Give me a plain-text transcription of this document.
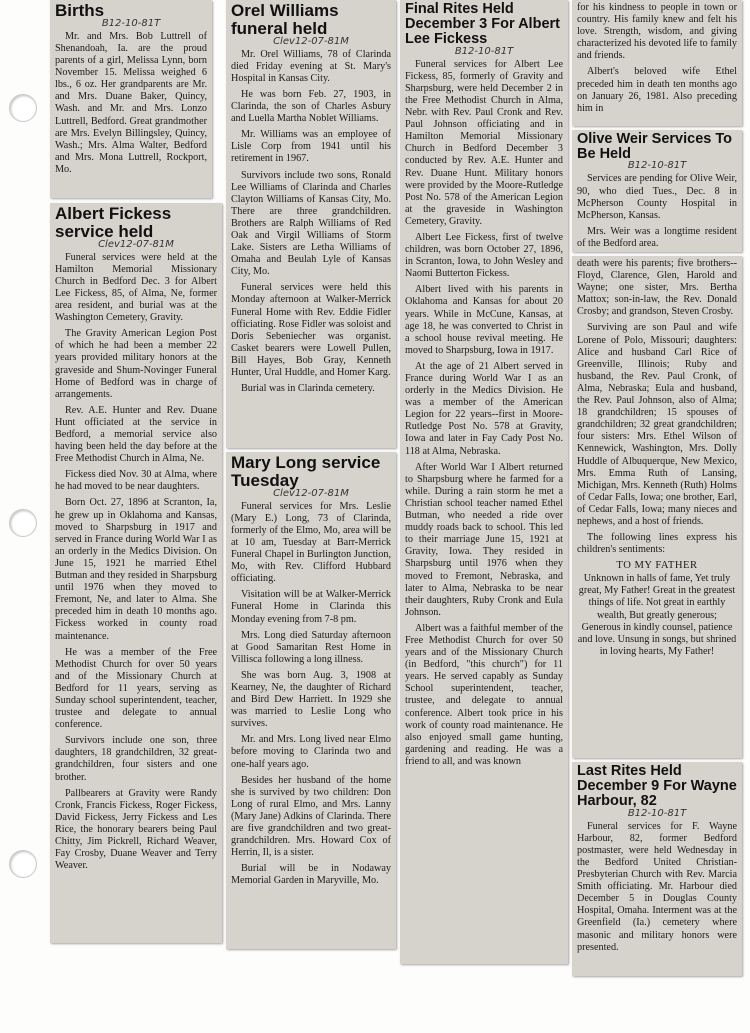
Births
B12-10-81T

Mr. and Mrs. Bob Luttrell of Shenandoah, Ia. are the proud parents of a girl, Melissa Lynn, born November 15. Melissa weighed 6 lbs., 6 oz. Her grandparents are Mr. and Mrs. Duane Baker, Quincy, Wash. and Mr. and Mrs. Lonzo Luttrell, Bedford. Great grandmother are Mrs. Evelyn Billingsley, Quincy, Wash.; Mrs. Alma Walter, Bedford and Mrs. Mona Luttrell, Rockport, Mo.

Albert Fickess service held
Clev12-07-81M

Funeral services were held at the Hamilton Memorial Missionary Church in Bedford Dec. 3 for Albert Lee Fickess, 85, of Alma, Ne, former area resident, and burial was at the Washington Cemetery, Gravity.

The Gravity American Legion Post of which he had been a member 22 years provided military honors at the graveside and Shum-Novinger Funeral Home of Bedford was in charge of arrangements.

Rev. A.E. Hunter and Rev. Duane Hunt officiated at the service in Bedford, a memorial service also having been held the day before at the Free Methodist Church in Alma, Ne.

Fickess died Nov. 30 at Alma, where he had moved to be near daughters.

Born Oct. 27, 1896 at Scranton, Ia, he grew up in Oklahoma and Kansas, moved to Sharpsburg in 1917 and served in France during World War I as an orderly in the Medics Division. On June 15, 1921 he married Ethel Butman and they resided in Sharpsburg until 1976 when they moved to Fremont, Ne, and later to Alma. She preceded him in death 10 months ago. Fickess worked in county road maintenance.

He was a member of the Free Methodist Church for over 50 years and of the Missionary Church at Bedford for 11 years, serving as Sunday school superintendent, teacher, trustee and delegate to annual conference.

Survivors include one son, three daughters, 18 grandchildren, 32 great-grandchildren, four sisters and one brother.

Pallbearers at Gravity were Randy Cronk, Francis Fickess, Roger Fickess, David Fickess, Jerry Fickess and Les Rice, the honorary bearers being Paul Chitty, Jim Pickrell, Richard Weaver, Fay Crosby, Duane Weaver and Terry Weaver.

Orel Williams funeral held
Clev12-07-81M

Mr. Orel Williams, 78 of Clarinda died Friday evening at St. Mary's Hospital in Kansas City.

He was born Feb. 27, 1903, in Clarinda, the son of Charles Asbury and Luella Martha Noblet Williams.

Mr. Williams was an employee of Lisle Corp from 1941 until his retirement in 1967.

Survivors include two sons, Ronald Lee Williams of Clarinda and Charles Clayton Williams of Kansas City, Mo. There are three grandchildren. Brothers are Ralph Williams of Red Oak and Virgil Williams of Storm Lake. Sisters are Letha Williams of Omaha and Beulah Lyle of Kansas City, Mo.

Funeral services were held this Monday afternoon at Walker-Merrick Funeral Home with Rev. Eddie Fidler officiating. Rose Fidler was soloist and Doris Sebeniecher was organist. Casket bearers were Lowell Pullen, Bill Hayes, Bob Gray, Kenneth Hunter, Ural Huddle, and Homer Karg.

Burial was in Clarinda cemetery.

Mary Long service Tuesday
Clev12-07-81M

Funeral services for Mrs. Leslie (Mary E.) Long, 73 of Clarinda, formerly of the Elmo, Mo, area will be at 10 am, Tuesday at Barr-Merrick Funeral Chapel in Burlington Junction, Mo, with Rev. Clifford Hubbard officiating.

Visitation will be at Walker-Merrick Funeral Home in Clarinda this Monday evening from 7-8 pm.

Mrs. Long died Saturday afternoon at Good Samaritan Rest Home in Villisca following a long illness.

She was born Aug. 3, 1908 at Kearney, Ne, the daughter of Richard and Bird Dew Harriett. In 1929 she was married to Leslie Long who survives.

Mr. and Mrs. Long lived near Elmo before moving to Clarinda two and one-half years ago.

Besides her husband of the home she is survived by two children: Don Long of rural Elmo, and Mrs. Lanny (Mary Jane) Adkins of Clarinda. There are five grandchildren and two great-grandchildren. Mrs. Howard Cox of Herrin, Il, is a sister.

Burial will be in Nodaway Memorial Garden in Maryville, Mo.

Final Rites Held December 3 For Albert Lee Fickess
B12-10-81T

Funeral services for Albert Lee Fickess, 85, formerly of Gravity and Sharpsburg, were held December 2 in the Free Methodist Church in Alma, Nebr. with Rev. Paul Cronk and Rev. Paul Johnson officiating and in Hamilton Memorial Missionary Church in Bedford December 3 conducted by Rev. A.E. Hunter and Rev. Duane Hunt. Military honors were provided by the Moore-Rutledge Post No. 578 of the American Legion at the graveside in Washington Cemetery, Gravity.

Albert Lee Fickess, first of twelve children, was born October 27, 1896, in Scranton, Iowa, to John Wesley and Naomi Butterton Fickess.

Albert lived with his parents in Oklahoma and Kansas for about 20 years. While in McCune, Kansas, at age 18, he was converted to Christ in a school house revival meeting. He moved to Sharpsburg, Iowa in 1917.

At the age of 21 Albert served in France during World War I as an orderly in the Medics Division. He was a member of the American Legion for 22 years--first in Moore-Rutledge Post No. 578 at Gravity, Iowa and later in Fay Cady Post No. 118 at Alma, Nebraska.

After World War I Albert returned to Sharpsburg where he farmed for a while. During a rain storm he met a Christian school teacher named Ethel Butman, who needed a ride over muddy roads back to school. This led to their marriage June 15, 1921 at Gravity, Iowa. They resided in Sharpsburg until 1976 when they moved to Fremont, Nebraska, and later to Alma, Nebraska to be near their daughters, Ruby Cronk and Eula Johnson.

Albert was a faithful member of the Free Methodist Church for over 50 years and of the Missionary Church (in Bedford, "this church") for 11 years. He served capably as Sunday School superintendent, teacher, trustee, and delegate to annual conference. Albert took price in his work of county road maintenance. He also enjoyed small game hunting, gardening and reading. He was a friend to all, and was known

for his kindness to people in town or country. His family knew and felt his love. Strength, wisdom, and giving characterized his devoted life to family and friends.

Albert's beloved wife Ethel preceded him in death ten months ago on January 26, 1981. Also preceding him in

Olive Weir Services To Be Held
B12-10-81T

Services are pending for Olive Weir, 90, who died Tues., Dec. 8 in McPherson County Hospital in McPherson, Kansas.

Mrs. Weir was a longtime resident of the Bedford area.

death were his parents; five brothers--Floyd, Clarence, Glen, Harold and Wayne; one sister, Mrs. Bertha Mattox; son-in-law, the Rev. Donald Crosby; and grandson, Steven Crosby.

Surviving are son Paul and wife Lorene of Polo, Missouri; daughters: Alice and husband Carl Rice of Greenville, Illinois; Ruby and husband, the Rev. Paul Cronk, of Alma, Nebraska; Eula and husband, the Rev. Paul Johnson, also of Alma; 18 grandchildren; 15 spouses of grandchildren; 32 great grandchildren; four sisters: Mrs. Ethel Wilson of Kennewick, Washington, Mrs. Dolly Huddle of Albuquerque, New Mexico, Mrs. Emma Ruth of Lansing, Michigan, Mrs. Kenneth (Ruth) Holms of Cedar Falls, Iowa; one brother, Earl, of Cedar Falls, Iowa; many nieces and nephews, and a host of friends.

The following lines express his children's sentiments:

TO MY FATHER
Unknown in halls of fame, Yet truly great, My Father! Great in the greatest things of life. Not great in earthly wealth, But greatly generous; Generous in kindly counsel, patience and love. Unsung in songs, but shrined in loving hearts, My Father!
Last Rites Held December 9 For Wayne Harbour, 82
B12-10-81T

Funeral services for F. Wayne Harbour, 82, former Bedford postmaster, were held Wednesday in the Bedford United Christian-Presbyterian Church with Rev. Marcia Smith officiating. Mr. Harbour died December 5 in Douglas County Hospital, Omaha. Interment was at the Greenfield (Ia.) cemetery where masonic and military honors were presented.
